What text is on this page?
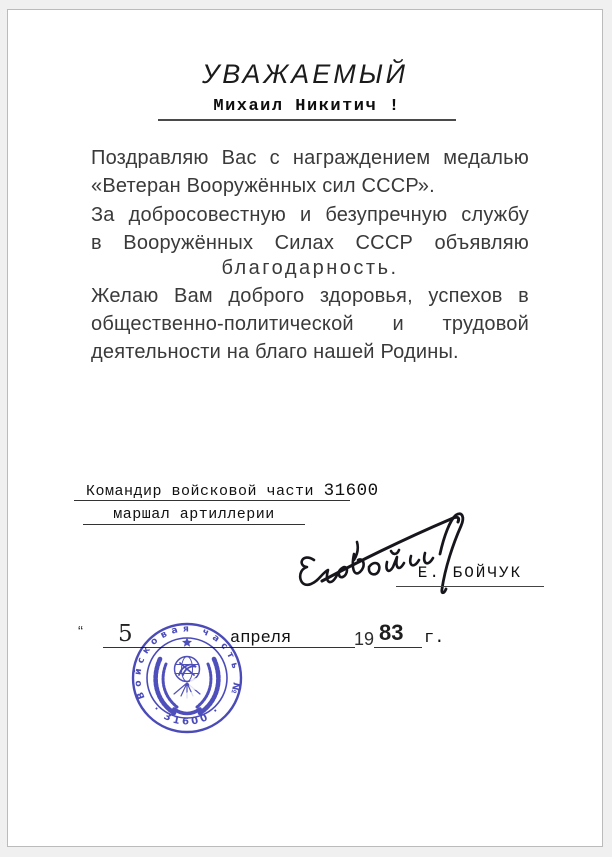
УВАЖАЕМЫЙ
Михаил Никитич !
Поздравляю Вас с награждением медалью
«Ветеран Вооружённых сил СССР».
За добросовестную и безупречную службу
в Вооружённых Силах СССР объявляю
благодарность.
Желаю Вам доброго здоровья, успехов в
общественно-политической и трудовой
деятельности на благо нашей Родины.
Командир войсковой части 31600
маршал артиллерии
Е. БОЙЧУК
“ 5	апреля	19 83 г.
Войсковая часть №
· 31600 ·
